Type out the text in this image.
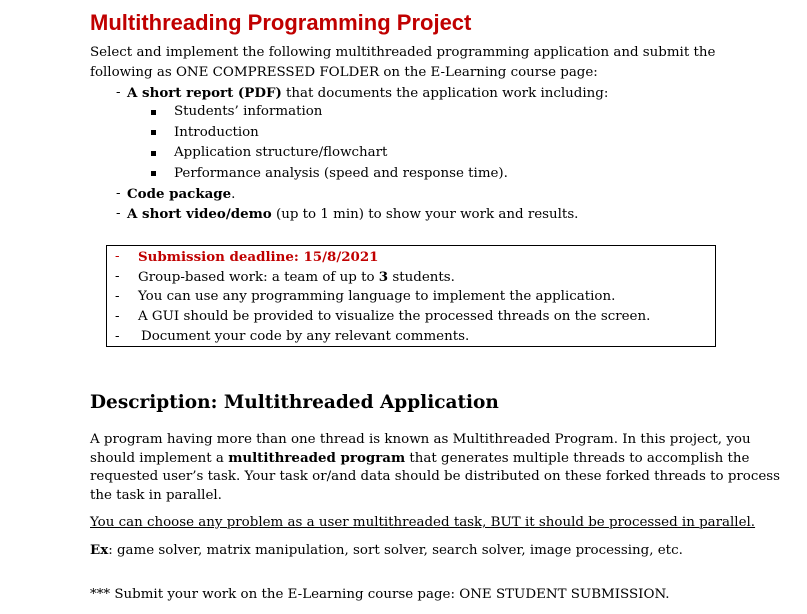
Multithreading Programming Project
Select and implement the following multithreaded programming application and submit the
following as ONE COMPRESSED FOLDER on the E-Learning course page:
- A short report (PDF) that documents the application work including:
Students’ information
Introduction
Application structure/flowchart
Performance analysis (speed and response time).
- Code package.
- A short video/demo (up to 1 min) to show your work and results.
- Submission deadline: 15/8/2021
- Group-based work: a team of up to 3 students.
- You can use any programming language to implement the application.
- A GUI should be provided to visualize the processed threads on the screen.
- Document your code by any relevant comments.
Description: Multithreaded Application
A program having more than one thread is known as Multithreaded Program. In this project, you
should implement a multithreaded program that generates multiple threads to accomplish the
requested user’s task. Your task or/and data should be distributed on these forked threads to process
the task in parallel.
You can choose any problem as a user multithreaded task, BUT it should be processed in parallel.
Ex: game solver, matrix manipulation, sort solver, search solver, image processing, etc.
*** Submit your work on the E-Learning course page: ONE STUDENT SUBMISSION.
